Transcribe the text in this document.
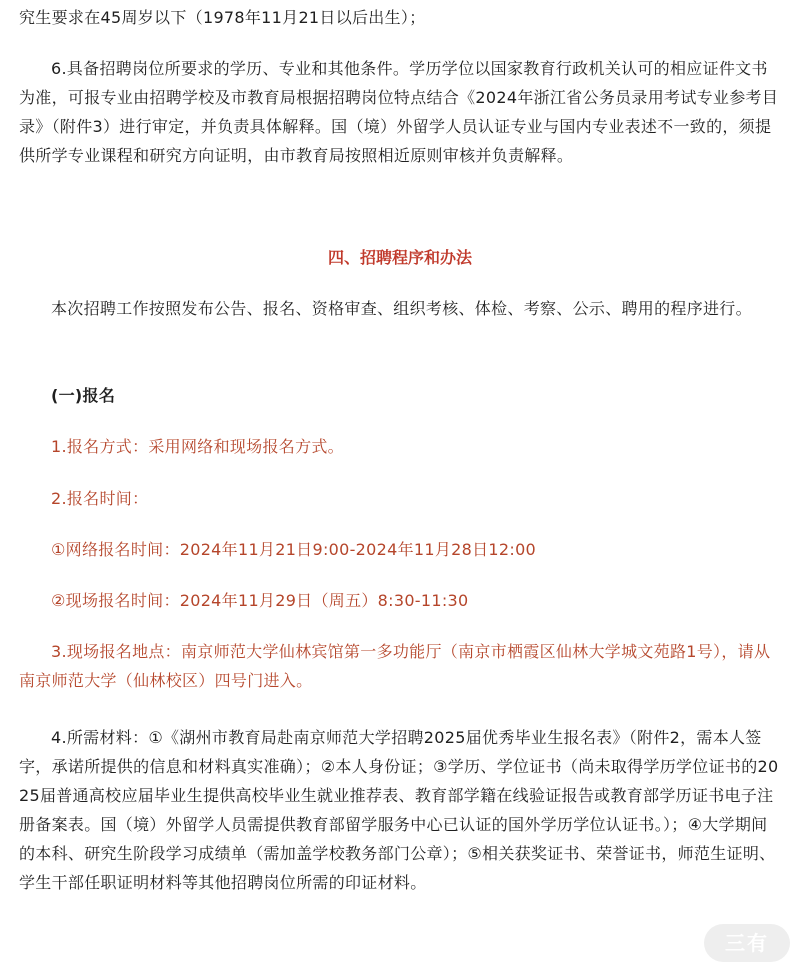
究生要求在45周岁以下（1978年11月21日以后出生）；

6.具备招聘岗位所要求的学历、专业和其他条件。学历学位以国家教育行政机关认可的相应证件文书为准，可报专业由招聘学校及市教育局根据招聘岗位特点结合《2024年浙江省公务员录用考试专业参考目录》（附件3）进行审定，并负责具体解释。国（境）外留学人员认证专业与国内专业表述不一致的，须提供所学专业课程和研究方向证明，由市教育局按照相近原则审核并负责解释。

四、招聘程序和办法

本次招聘工作按照发布公告、报名、资格审查、组织考核、体检、考察、公示、聘用的程序进行。

(一)报名

1.报名方式：采用网络和现场报名方式。

2.报名时间：

①网络报名时间：2024年11月21日9:00-2024年11月28日12:00

②现场报名时间：2024年11月29日（周五）8:30-11:30

3.现场报名地点：南京师范大学仙林宾馆第一多功能厅（南京市栖霞区仙林大学城文苑路1号），请从南京师范大学（仙林校区）四号门进入。

4.所需材料：①《湖州市教育局赴南京师范大学招聘2025届优秀毕业生报名表》（附件2，需本人签字，承诺所提供的信息和材料真实准确）；②本人身份证；③学历、学位证书（尚未取得学历学位证书的2025届普通高校应届毕业生提供高校毕业生就业推荐表、教育部学籍在线验证报告或教育部学历证书电子注册备案表。国（境）外留学人员需提供教育部留学服务中心已认证的国外学历学位认证书。）；④大学期间的本科、研究生阶段学习成绩单（需加盖学校教务部门公章）；⑤相关获奖证书、荣誉证书，师范生证明、学生干部任职证明材料等其他招聘岗位所需的印证材料。

三有
